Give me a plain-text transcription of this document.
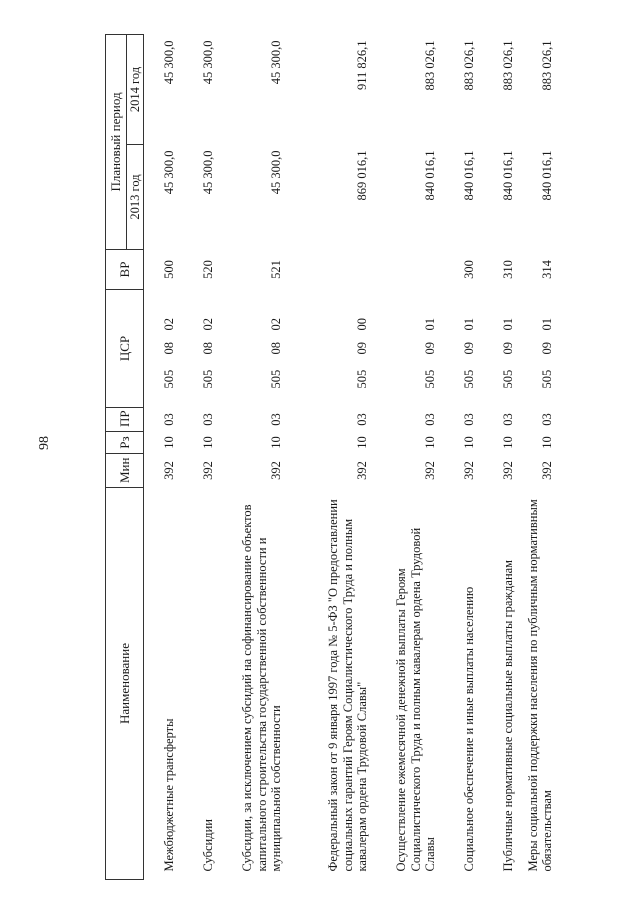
98
Наименование	Мин	Рз	ПР	ЦСР	ВР	Плановый период	
						2013 год	2014 год
Межбюджетные трансферты	392	10	03	5050802	500	45 300,0	45 300,0
Субсидии	392	10	03	5050802	520	45 300,0	45 300,0
Субсидии, за исключением субсидий на софинансирование объектов капитального строительства государственной собственности и муниципальной собственности	392	10	03	5050802	521	45 300,0	45 300,0
Федеральный закон от 9 января 1997 года № 5-ФЗ "О предоставлении социальных гарантий Героям Социалистического Труда и полным кавалерам ордена Трудовой Славы"	392	10	03	5050900		869 016,1	911 826,1
Осуществление ежемесячной денежной выплаты Героям Социалистического Труда и полным кавалерам ордена Трудовой Славы	392	10	03	5050901		840 016,1	883 026,1
Социальное обеспечение и иные выплаты населению	392	10	03	5050901	300	840 016,1	883 026,1
Публичные нормативные социальные выплаты гражданам	392	10	03	5050901	310	840 016,1	883 026,1
Меры социальной поддержки населения по публичным нормативным обязательствам	392	10	03	5050901	314	840 016,1	883 026,1
